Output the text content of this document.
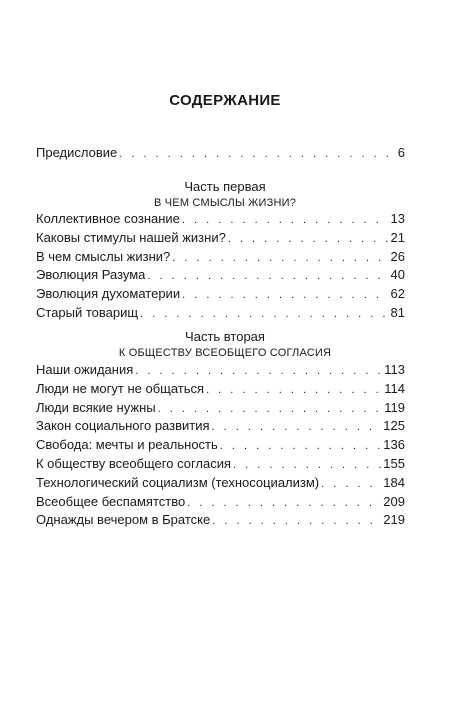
СОДЕРЖАНИЕ
Предисловие . . .	6
Часть первая
В ЧЕМ СМЫСЛЫ ЖИЗНИ?
Коллективное сознание . . .	13
Каковы стимулы нашей жизни? . . .	21
В чем смыслы жизни? . . .	26
Эволюция Разума . . .	40
Эволюция духоматерии . . .	62
Старый товарищ . . .	81
Часть вторая
К ОБЩЕСТВУ ВСЕОБЩЕГО СОГЛАСИЯ
Наши ожидания . . .	113
Люди не могут не общаться . . .	114
Люди всякие нужны . . .	119
Закон социального развития . . .	125
Свобода: мечты и реальность . . .	136
К обществу всеобщего согласия . . .	155
Технологический социализм (техносоциализм) . . .	184
Всеобщее беспамятство . . .	209
Однажды вечером в Братске . . .	219
